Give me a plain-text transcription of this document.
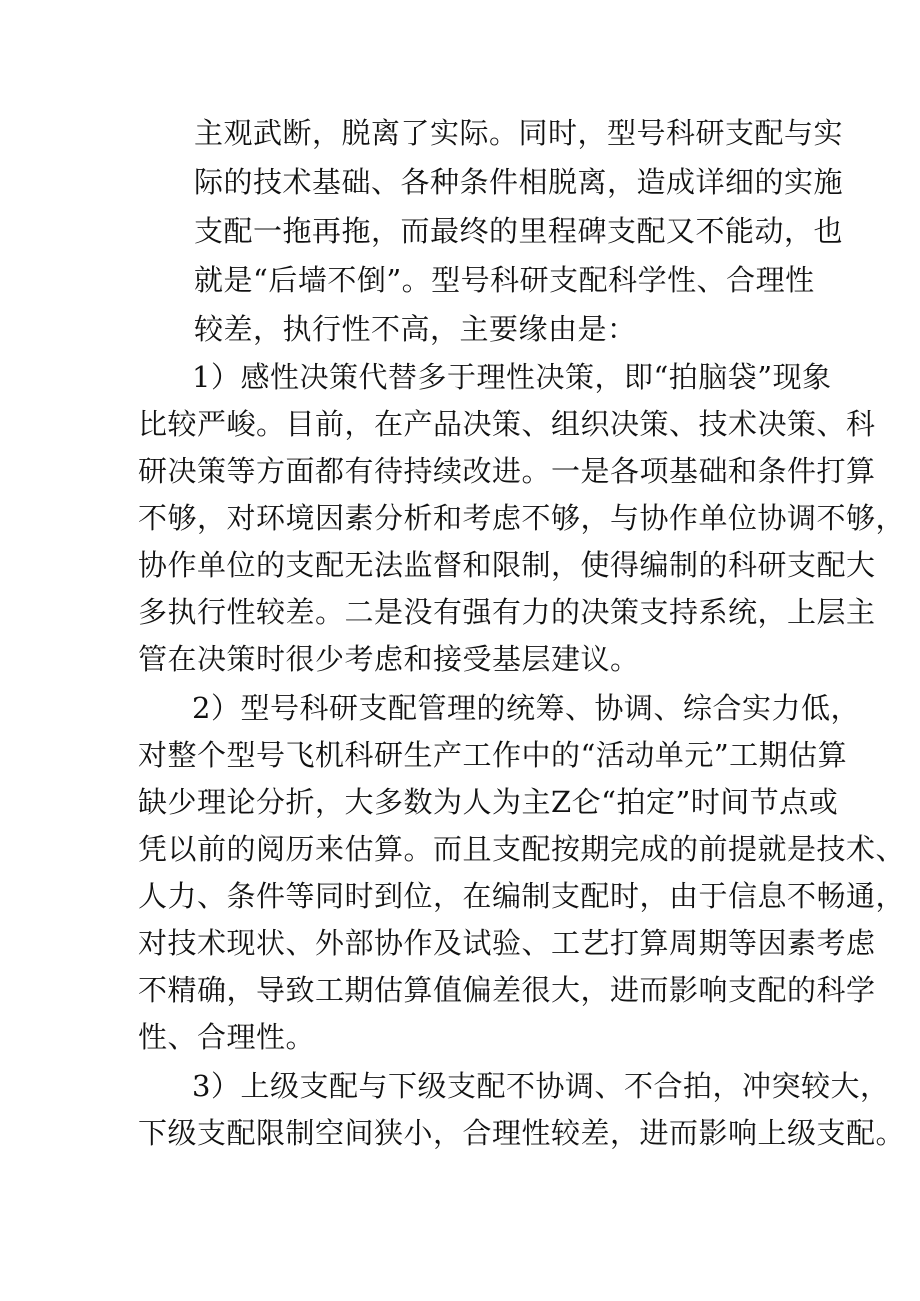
主观武断，脱离了实际。同时，型号科研支配与实
际的技术基础、各种条件相脱离，造成详细的实施
支配一拖再拖，而最终的里程碑支配又不能动，也
就是“后墙不倒”。型号科研支配科学性、合理性
较差，执行性不高，主要缘由是：
1）感性决策代替多于理性决策，即“拍脑袋”现象
比较严峻。目前，在产品决策、组织决策、技术决策、科
研决策等方面都有待持续改进。一是各项基础和条件打算
不够，对环境因素分析和考虑不够，与协作单位协调不够，
协作单位的支配无法监督和限制，使得编制的科研支配大
多执行性较差。二是没有强有力的决策支持系统，上层主
管在决策时很少考虑和接受基层建议。
2）型号科研支配管理的统筹、协调、综合实力低，
对整个型号飞机科研生产工作中的“活动单元”工期估算
缺少理论分折，大多数为人为主Z仑“拍定”时间节点或
凭以前的阅历来估算。而且支配按期完成的前提就是技术、
人力、条件等同时到位，在编制支配时，由于信息不畅通，
对技术现状、外部协作及试验、工艺打算周期等因素考虑
不精确，导致工期估算值偏差很大，进而影响支配的科学
性、合理性。
3）上级支配与下级支配不协调、不合拍，冲突较大，
下级支配限制空间狭小，合理性较差，进而影响上级支配。
